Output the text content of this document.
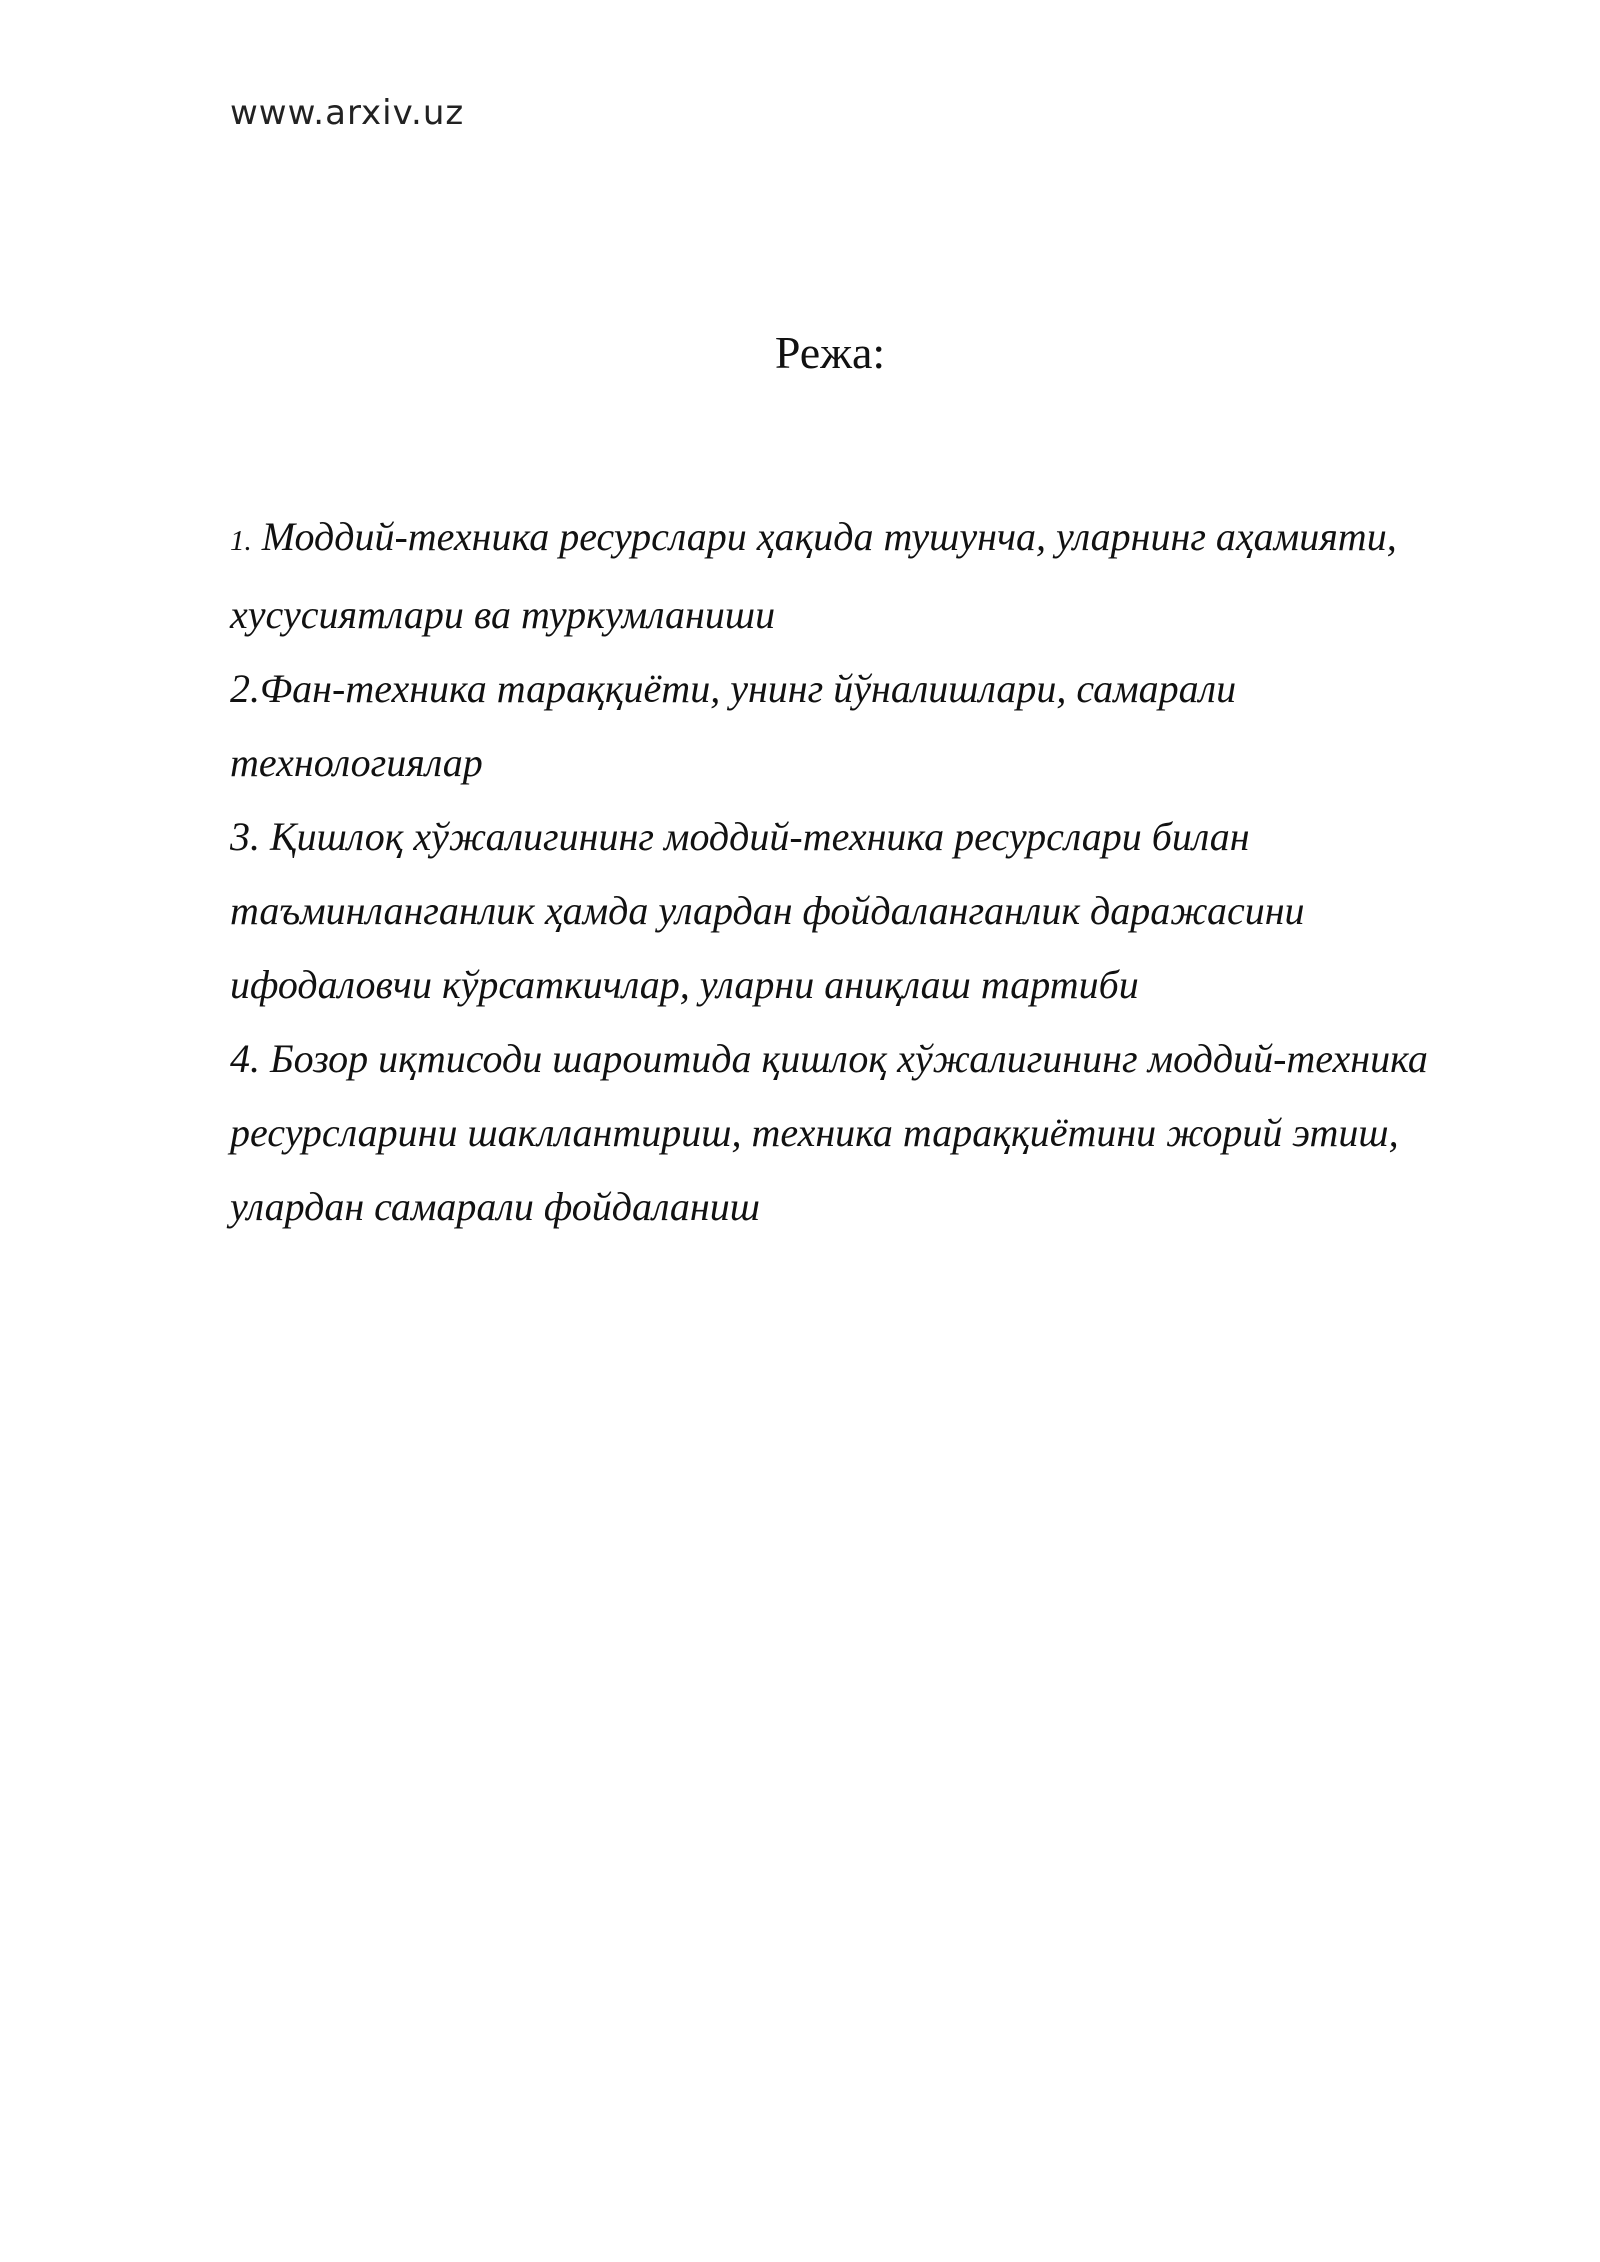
www.arxiv.uz
Режа:
1. Моддий-техника ресурслари ҳақида тушунча, уларнинг аҳамияти, хусусиятлари ва туркумланиши
2.Фан-техника тараққиёти, унинг йўналишлари, самарали технологиялар
3. Қишлоқ хўжалигининг моддий-техника ресурслари билан таъминланганлик ҳамда улардан фойдаланганлик даражасини ифодаловчи кўрсаткичлар, уларни аниқлаш тартиби
4. Бозор иқтисоди шароитида қишлоқ хўжалигининг моддий-техника ресурсларини шакллантириш, техника тараққиётини жорий этиш, улардан самарали фойдаланиш
